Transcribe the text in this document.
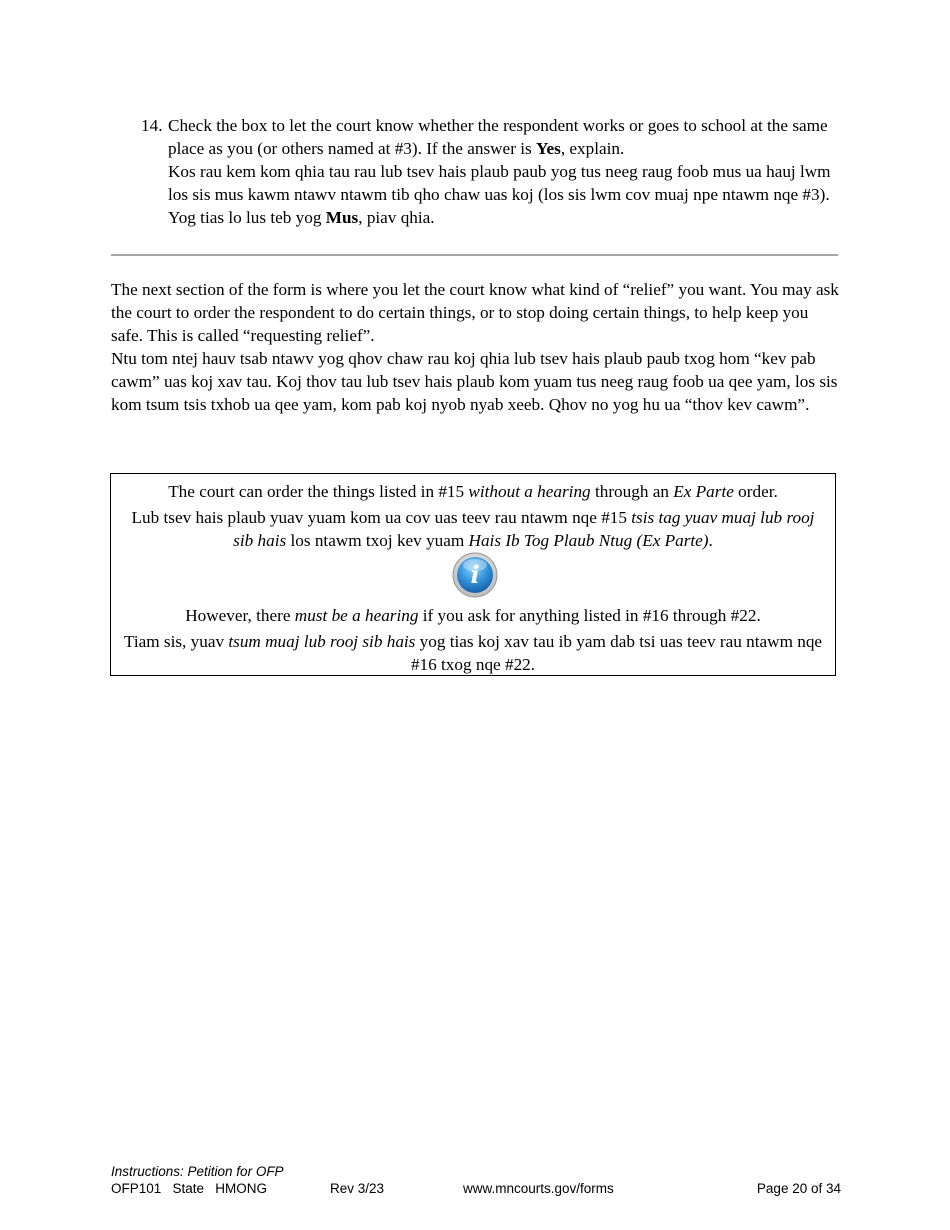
14. Check the box to let the court know whether the respondent works or goes to school at the same place as you (or others named at #3). If the answer is Yes, explain.

Kos rau kem kom qhia tau rau lub tsev hais plaub paub yog tus neeg raug foob mus ua hauj lwm los sis mus kawm ntawv ntawm tib qho chaw uas koj (los sis lwm cov muaj npe ntawm nqe #3). Yog tias lo lus teb yog Mus, piav qhia.

The next section of the form is where you let the court know what kind of “relief” you want. You may ask the court to order the respondent to do certain things, or to stop doing certain things, to help keep you safe. This is called “requesting relief”.

Ntu tom ntej hauv tsab ntawv yog qhov chaw rau koj qhia lub tsev hais plaub paub txog hom “kev pab cawm” uas koj xav tau. Koj thov tau lub tsev hais plaub kom yuam tus neeg raug foob ua qee yam, los sis kom tsum tsis txhob ua qee yam, kom pab koj nyob nyab xeeb. Qhov no yog hu ua “thov kev cawm”.

The court can order the things listed in #15 without a hearing through an Ex Parte order.

Lub tsev hais plaub yuav yuam kom ua cov uas teev rau ntawm nqe #15 tsis tag yuav muaj lub rooj sib hais los ntawm txoj kev yuam Hais Ib Tog Plaub Ntug (Ex Parte).

i

However, there must be a hearing if you ask for anything listed in #16 through #22.

Tiam sis, yuav tsum muaj lub rooj sib hais yog tias koj xav tau ib yam dab tsi uas teev rau ntawm nqe #16 txog nqe #22.

Instructions: Petition for OFP
OFP101   State   HMONG	Rev 3/23	www.mncourts.gov/forms	Page 20 of 34
